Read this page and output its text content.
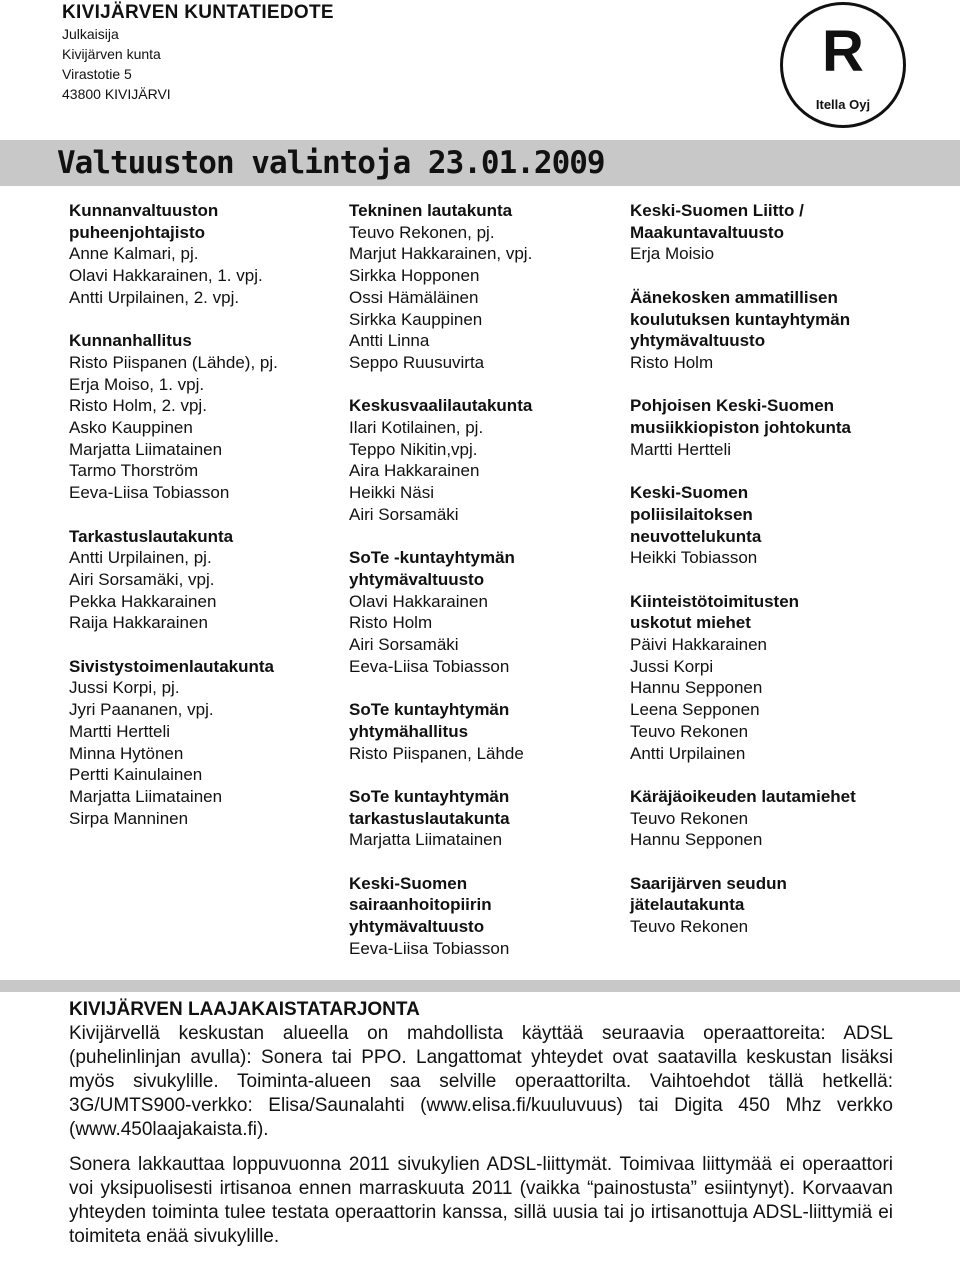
KIVIJÄRVEN KUNTATIEDOTE
Julkaisija
Kivijärven kunta
Virastotie 5
43800 KIVIJÄRVI
R
Itella Oyj
Valtuuston valintoja 23.01.2009
Kunnanvaltuuston
puheenjohtajisto
Anne Kalmari, pj.
Olavi Hakkarainen, 1. vpj.
Antti Urpilainen, 2. vpj.
Kunnanhallitus
Risto Piispanen (Lähde), pj.
Erja Moiso, 1. vpj.
Risto Holm, 2. vpj.
Asko Kauppinen
Marjatta Liimatainen
Tarmo Thorström
Eeva-Liisa Tobiasson
Tarkastuslautakunta
Antti Urpilainen, pj.
Airi Sorsamäki, vpj.
Pekka Hakkarainen
Raija Hakkarainen
Sivistystoimenlautakunta
Jussi Korpi, pj.
Jyri Paananen, vpj.
Martti Hertteli
Minna Hytönen
Pertti Kainulainen
Marjatta Liimatainen
Sirpa Manninen
Tekninen lautakunta
Teuvo Rekonen, pj.
Marjut Hakkarainen, vpj.
Sirkka Hopponen
Ossi Hämäläinen
Sirkka Kauppinen
Antti Linna
Seppo Ruusuvirta
Keskusvaalilautakunta
Ilari Kotilainen, pj.
Teppo Nikitin,vpj.
Aira Hakkarainen
Heikki Näsi
Airi Sorsamäki
SoTe -kuntayhtymän
yhtymävaltuusto
Olavi Hakkarainen
Risto Holm
Airi Sorsamäki
Eeva-Liisa Tobiasson
SoTe kuntayhtymän
yhtymähallitus
Risto Piispanen, Lähde
SoTe kuntayhtymän
tarkastuslautakunta
Marjatta Liimatainen
Keski-Suomen
sairaanhoitopiirin
yhtymävaltuusto
Eeva-Liisa Tobiasson
Keski-Suomen Liitto /
Maakuntavaltuusto
Erja Moisio
Äänekosken ammatillisen
koulutuksen kuntayhtymän
yhtymävaltuusto
Risto Holm
Pohjoisen Keski-Suomen
musiikkiopiston johtokunta
Martti Hertteli
Keski-Suomen
poliisilaitoksen
neuvottelukunta
Heikki Tobiasson
Kiinteistötoimitusten
uskotut miehet
Päivi Hakkarainen
Jussi Korpi
Hannu Sepponen
Leena Sepponen
Teuvo Rekonen
Antti Urpilainen
Käräjäoikeuden lautamiehet
Teuvo Rekonen
Hannu Sepponen
Saarijärven seudun
jätelautakunta
Teuvo Rekonen
KIVIJÄRVEN LAAJAKAISTATARJONTA
Kivijärvellä keskustan alueella on mahdollista käyttää seuraavia operaattoreita: ADSL (puhelinlinjan avulla): Sonera tai PPO. Langattomat yhteydet ovat saatavilla keskustan lisäksi myös sivukylille. Toiminta-alueen saa selville operaattorilta. Vaihtoehdot tällä hetkellä: 3G/UMTS900-verkko: Elisa/Saunalahti (www.elisa.fi/kuuluvuus) tai Digita 450 Mhz verkko (www.450laajakaista.fi).
Sonera lakkauttaa loppuvuonna 2011 sivukylien ADSL-liittymät. Toimivaa liittymää ei operaattori voi yksipuolisesti irtisanoa ennen marraskuuta 2011 (vaikka “painostusta” esiintynyt). Korvaavan yhteyden toiminta tulee testata operaattorin kanssa, sillä uusia tai jo irtisanottuja ADSL-liittymiä ei toimiteta enää sivukylille.
